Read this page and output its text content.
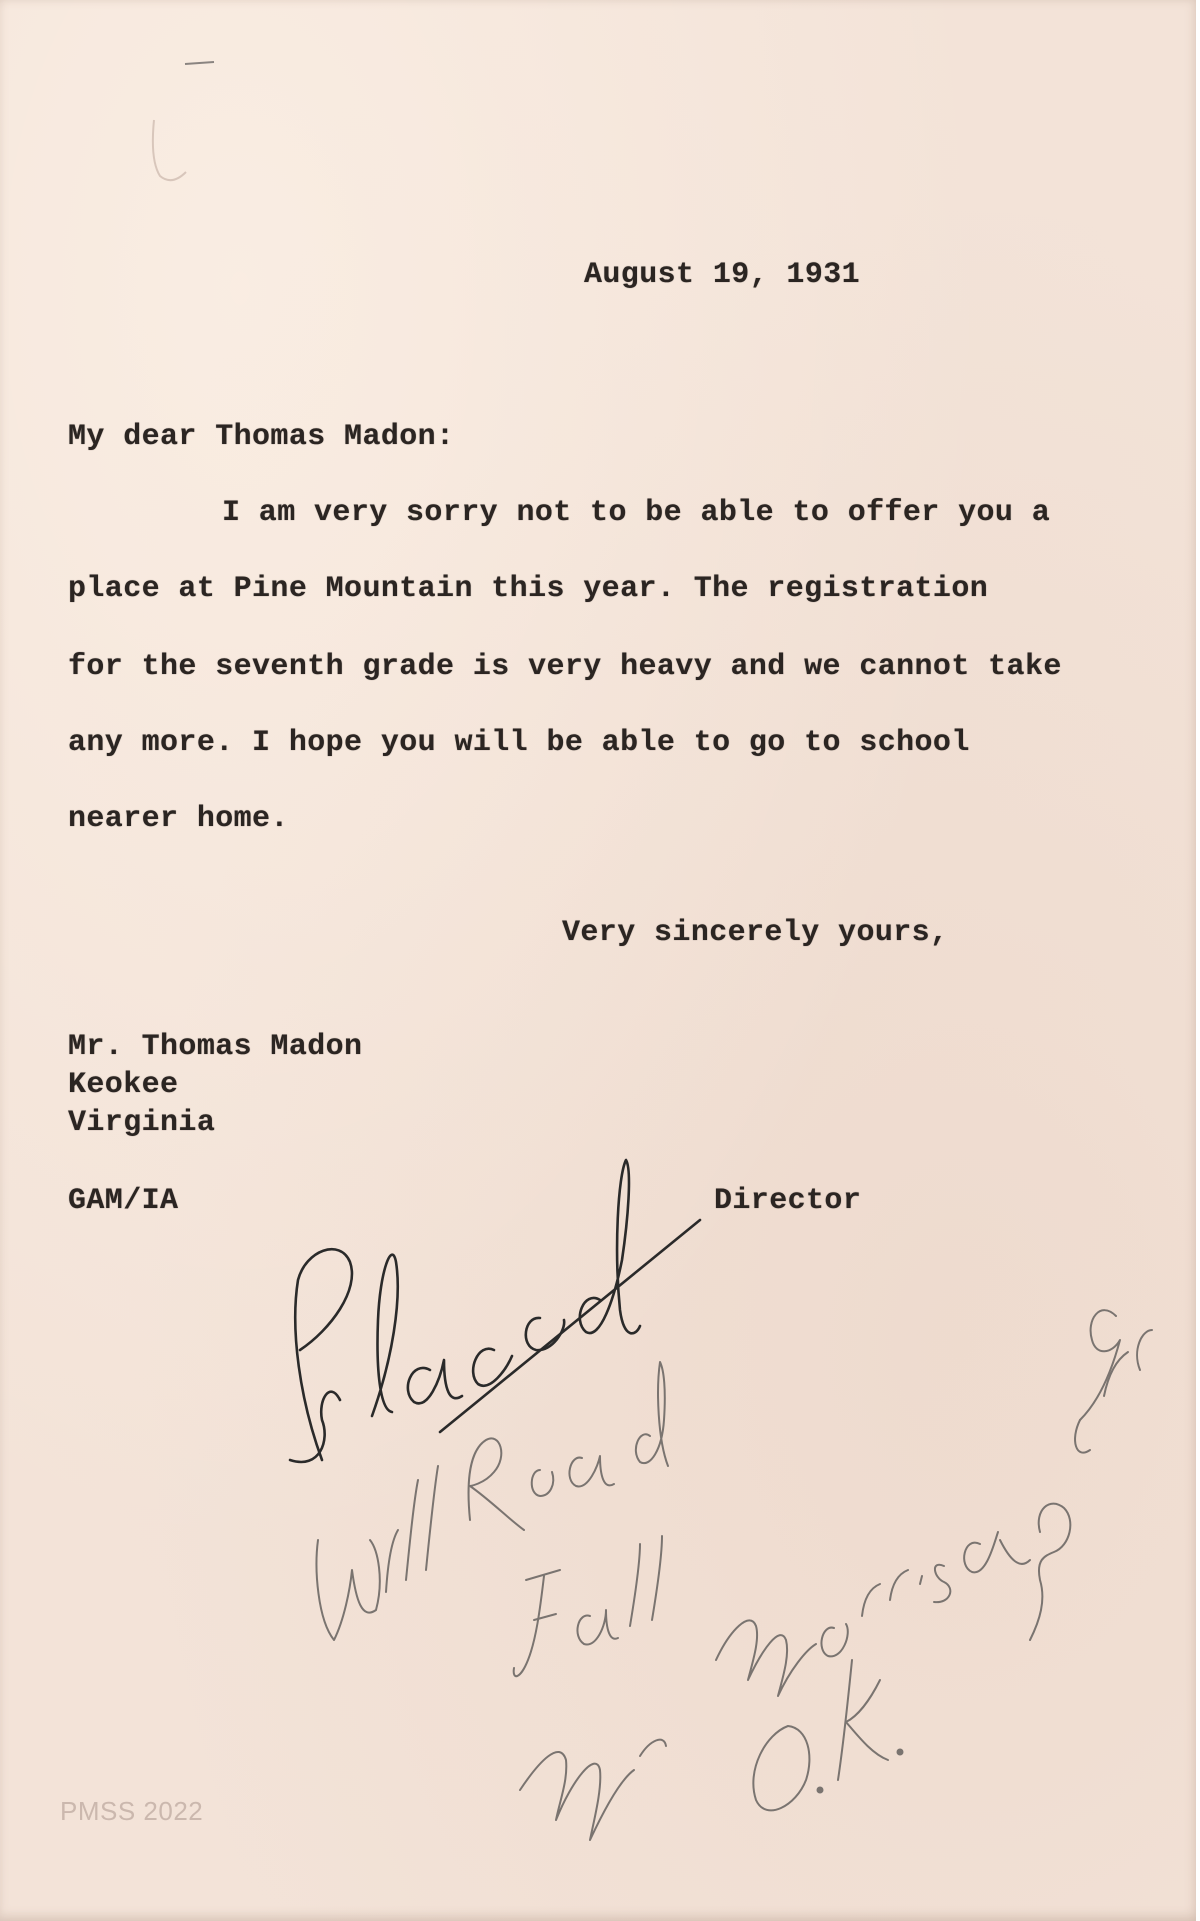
August 19, 1931
My dear Thomas Madon:
I am very sorry not to be able to offer you a
place at Pine Mountain this year. The registration
for the seventh grade is very heavy and we cannot take
any more. I hope you will be able to go to school
nearer home.
Very sincerely yours,
Mr. Thomas Madon
Keokee
Virginia
GAM/IA	Director
PMSS 2022
